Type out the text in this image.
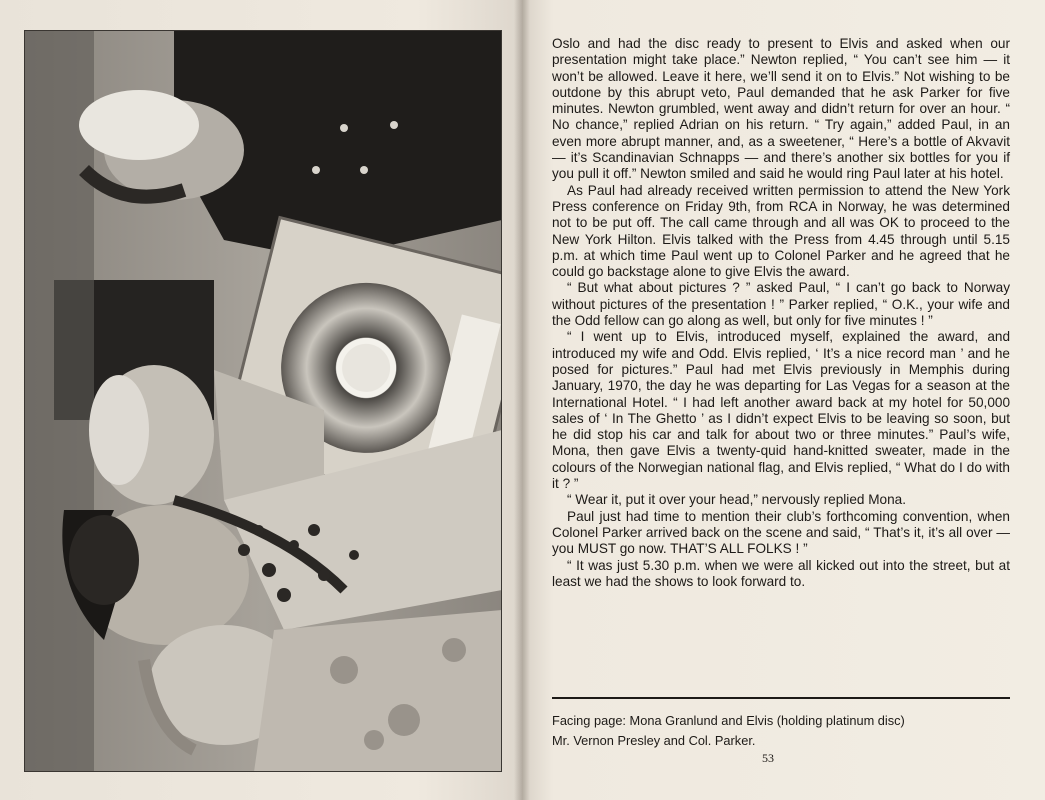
Oslo and had the disc ready to present to Elvis and asked when our presentation might take place.” Newton replied, “ You can’t see him — it won’t be allowed. Leave it here, we’ll send it on to Elvis.” Not wishing to be outdone by this abrupt veto, Paul demanded that he ask Parker for five minutes. Newton grumbled, went away and didn’t return for over an hour. “ No chance,” replied Adrian on his return. “ Try again,” added Paul, in an even more abrupt manner, and, as a sweetener, “ Here’s a bottle of Akvavit — it’s Scandinavian Schnapps — and there’s another six bottles for you if you pull it off.” Newton smiled and said he would ring Paul later at his hotel.

As Paul had already received written permission to attend the New York Press conference on Friday 9th, from RCA in Norway, he was determined not to be put off. The call came through and all was OK to proceed to the New York Hilton. Elvis talked with the Press from 4.45 through until 5.15 p.m. at which time Paul went up to Colonel Parker and he agreed that he could go backstage alone to give Elvis the award.

“ But what about pictures ? ” asked Paul, “ I can’t go back to Norway without pictures of the presentation ! ” Parker replied, “ O.K., your wife and the Odd fellow can go along as well, but only for five minutes ! ”

“ I went up to Elvis, introduced myself, explained the award, and introduced my wife and Odd. Elvis replied, ‘ It’s a nice record man ’ and he posed for pictures.” Paul had met Elvis previously in Memphis during January, 1970, the day he was departing for Las Vegas for a season at the International Hotel. “ I had left another award back at my hotel for 50,000 sales of ‘ In The Ghetto ’ as I didn’t expect Elvis to be leaving so soon, but he did stop his car and talk for about two or three minutes.” Paul’s wife, Mona, then gave Elvis a twenty-quid hand-knitted sweater, made in the colours of the Norwegian national flag, and Elvis replied, “ What do I do with it ? ”

“ Wear it, put it over your head,” nervously replied Mona.

Paul just had time to mention their club’s forthcoming convention, when Colonel Parker arrived back on the scene and said, “ That’s it, it’s all over — you MUST go now. THAT’S ALL FOLKS ! ”

“ It was just 5.30 p.m. when we were all kicked out into the street, but at least we had the shows to look forward to.

Facing page: Mona Granlund and Elvis (holding platinum disc)
Mr. Vernon Presley and Col. Parker.
53
